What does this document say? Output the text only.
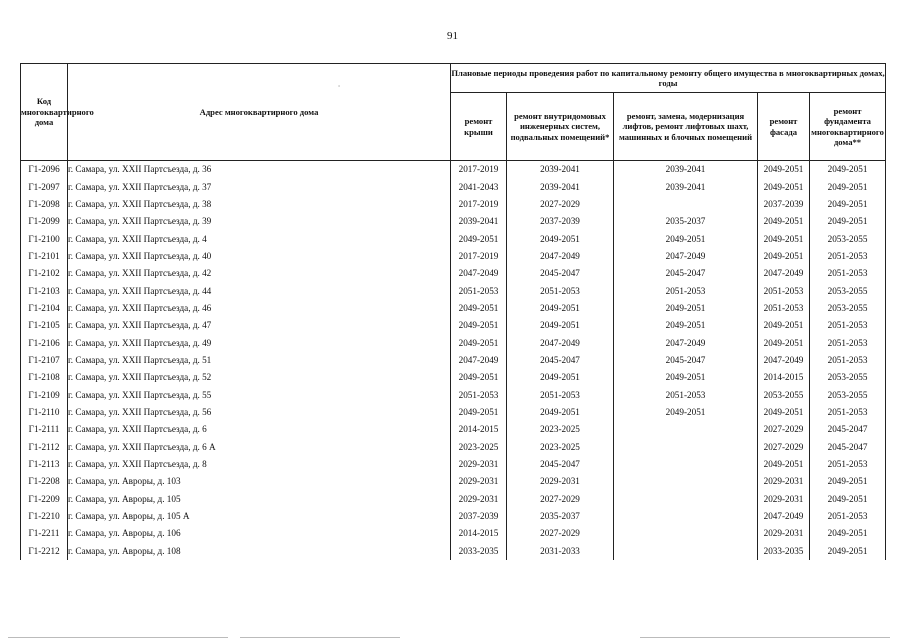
91
Код многоквартирного дома	·
Адрес многоквартирного дома	Плановые периоды проведения работ по капитальному ремонту общего имущества в многоквартирных домах, годы				
		ремонт крыши	ремонт внутридомовых инженерных систем, подвальных помещений*	ремонт, замена, модернизация лифтов, ремонт лифтовых шахт, машинных и блочных помещений	ремонт фасада	ремонт фундамента многоквартирного дома**
Г1-2096	г. Самара, ул. XXII Партсъезда, д. 36	2017-2019	2039-2041	2039-2041	2049-2051	2049-2051
Г1-2097	г. Самара, ул. XXII Партсъезда, д. 37	2041-2043	2039-2041	2039-2041	2049-2051	2049-2051
Г1-2098	г. Самара, ул. XXII Партсъезда, д. 38	2017-2019	2027-2029		2037-2039	2049-2051
Г1-2099	г. Самара, ул. XXII Партсъезда, д. 39	2039-2041	2037-2039	2035-2037	2049-2051	2049-2051
Г1-2100	г. Самара, ул. XXII Партсъезда, д. 4	2049-2051	2049-2051	2049-2051	2049-2051	2053-2055
Г1-2101	г. Самара, ул. XXII Партсъезда, д. 40	2017-2019	2047-2049	2047-2049	2049-2051	2051-2053
Г1-2102	г. Самара, ул. XXII Партсъезда, д. 42	2047-2049	2045-2047	2045-2047	2047-2049	2051-2053
Г1-2103	г. Самара, ул. XXII Партсъезда, д. 44	2051-2053	2051-2053	2051-2053	2051-2053	2053-2055
Г1-2104	г. Самара, ул. XXII Партсъезда, д. 46	2049-2051	2049-2051	2049-2051	2051-2053	2053-2055
Г1-2105	г. Самара, ул. XXII Партсъезда, д. 47	2049-2051	2049-2051	2049-2051	2049-2051	2051-2053
Г1-2106	г. Самара, ул. XXII Партсъезда, д. 49	2049-2051	2047-2049	2047-2049	2049-2051	2051-2053
Г1-2107	г. Самара, ул. XXII Партсъезда, д. 51	2047-2049	2045-2047	2045-2047	2047-2049	2051-2053
Г1-2108	г. Самара, ул. XXII Партсъезда, д. 52	2049-2051	2049-2051	2049-2051	2014-2015	2053-2055
Г1-2109	г. Самара, ул. XXII Партсъезда, д. 55	2051-2053	2051-2053	2051-2053	2053-2055	2053-2055
Г1-2110	г. Самара, ул. XXII Партсъезда, д. 56	2049-2051	2049-2051	2049-2051	2049-2051	2051-2053
Г1-2111	г. Самара, ул. XXII Партсъезда, д. 6	2014-2015	2023-2025		2027-2029	2045-2047
Г1-2112	г. Самара, ул. XXII Партсъезда, д. 6 А	2023-2025	2023-2025		2027-2029	2045-2047
Г1-2113	г. Самара, ул. XXII Партсъезда, д. 8	2029-2031	2045-2047		2049-2051	2051-2053
Г1-2208	г. Самара, ул. Авроры, д. 103	2029-2031	2029-2031		2029-2031	2049-2051
Г1-2209	г. Самара, ул. Авроры, д. 105	2029-2031	2027-2029		2029-2031	2049-2051
Г1-2210	г. Самара, ул. Авроры, д. 105 А	2037-2039	2035-2037		2047-2049	2051-2053
Г1-2211	г. Самара, ул. Авроры, д. 106	2014-2015	2027-2029		2029-2031	2049-2051
Г1-2212	г. Самара, ул. Авроры, д. 108	2033-2035	2031-2033		2033-2035	2049-2051
